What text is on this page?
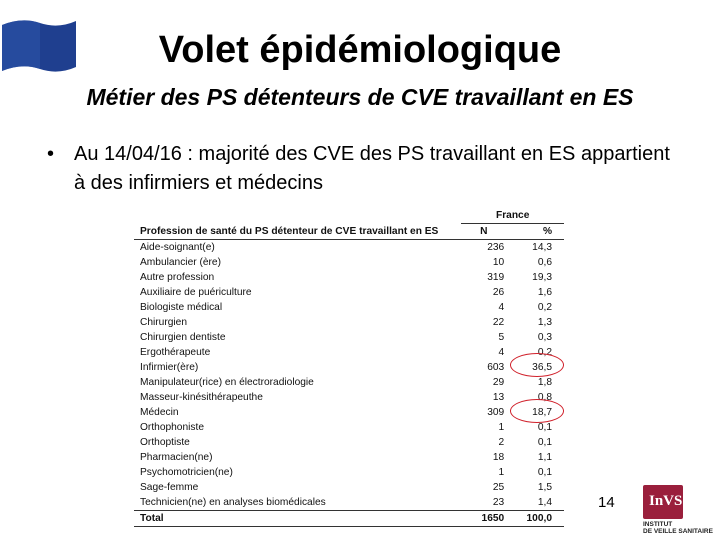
Volet épidémiologique
Métier des PS détenteurs de CVE travaillant en ES
• Au 14/04/16 : majorité des CVE des PS travaillant en ES appartient à des infirmiers et médecins
	France	
Profession de santé du PS détenteur de CVE travaillant en ES	N	%
Aide-soignant(e)	236	14,3
Ambulancier (ère)	10	0,6
Autre profession	319	19,3
Auxiliaire de puériculture	26	1,6
Biologiste médical	4	0,2
Chirurgien	22	1,3
Chirurgien dentiste	5	0,3
Ergothérapeute	4	0,2
Infirmier(ère)	603	36,5
Manipulateur(rice) en électroradiologie	29	1,8
Masseur-kinésithérapeuthe	13	0,8
Médecin	309	18,7
Orthophoniste	1	0,1
Orthoptiste	2	0,1
Pharmacien(ne)	18	1,1
Psychomotricien(ne)	1	0,1
Sage-femme	25	1,5
Technicien(ne) en analyses biomédicales	23	1,4
Total	1650	100,0
14 InVS
INSTITUT
DE VEILLE SANITAIRE
